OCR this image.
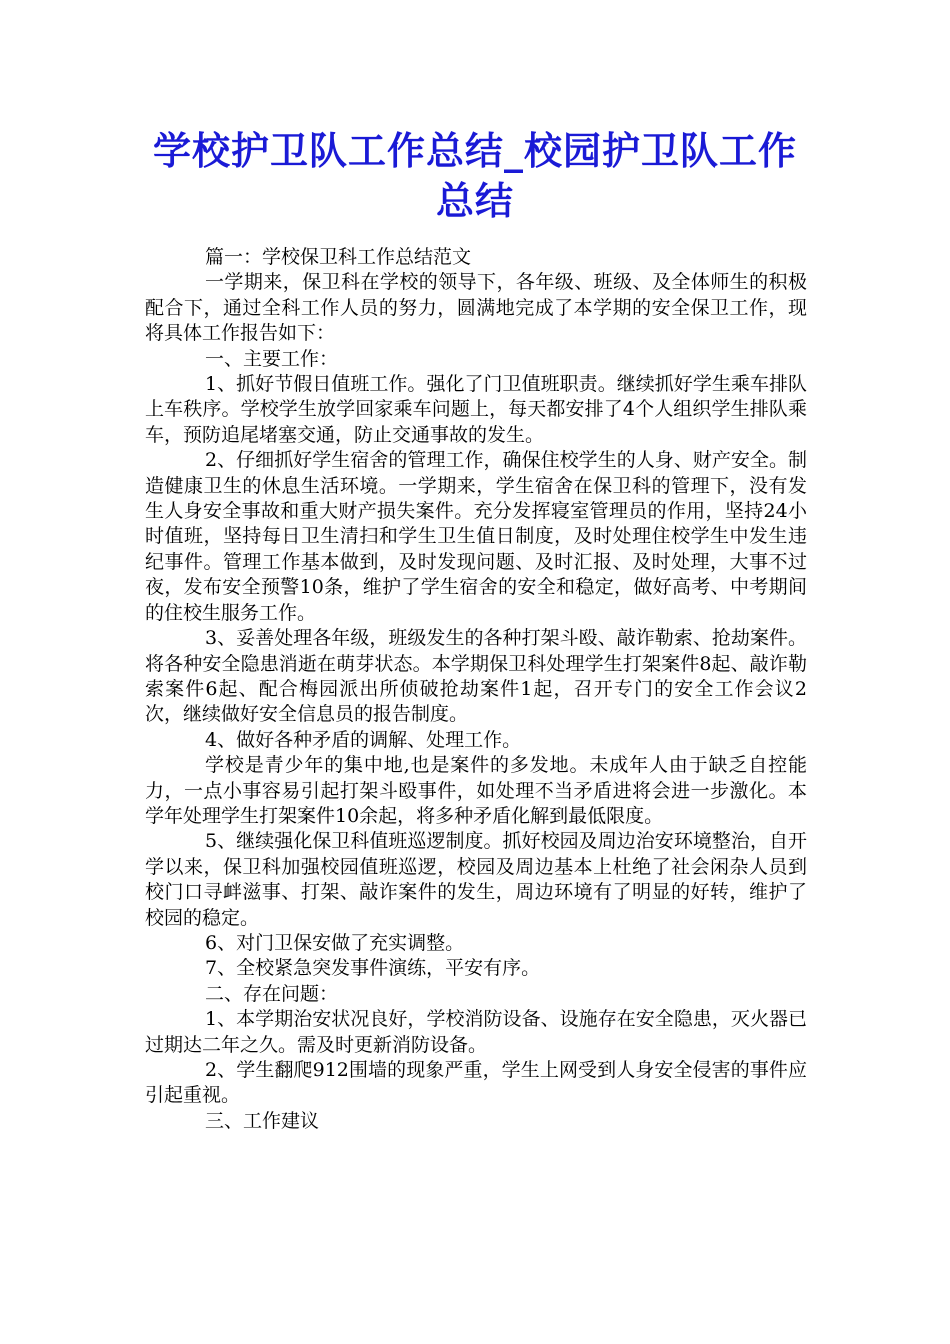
学校护卫队工作总结_校园护卫队工作总结

篇一：学校保卫科工作总结范文

一学期来，保卫科在学校的领导下，各年级、班级、及全体师生的积极配合下，通过全科工作人员的努力，圆满地完成了本学期的安全保卫工作，现将具体工作报告如下：

一、主要工作：

1、抓好节假日值班工作。强化了门卫值班职责。继续抓好学生乘车排队上车秩序。学校学生放学回家乘车问题上，每天都安排了4个人组织学生排队乘车，预防追尾堵塞交通，防止交通事故的发生。

2、仔细抓好学生宿舍的管理工作，确保住校学生的人身、财产安全。制造健康卫生的休息生活环境。一学期来，学生宿舍在保卫科的管理下，没有发生人身安全事故和重大财产损失案件。充分发挥寝室管理员的作用，坚持24小时值班，坚持每日卫生清扫和学生卫生值日制度，及时处理住校学生中发生违纪事件。管理工作基本做到，及时发现问题、及时汇报、及时处理，大事不过夜，发布安全预警10条，维护了学生宿舍的安全和稳定，做好高考、中考期间的住校生服务工作。

3、妥善处理各年级，班级发生的各种打架斗殴、敲诈勒索、抢劫案件。将各种安全隐患消逝在萌芽状态。本学期保卫科处理学生打架案件8起、敲诈勒索案件6起、配合梅园派出所侦破抢劫案件1起，召开专门的安全工作会议2次，继续做好安全信息员的报告制度。

4、做好各种矛盾的调解、处理工作。

学校是青少年的集中地,也是案件的多发地。未成年人由于缺乏自控能力，一点小事容易引起打架斗殴事件，如处理不当矛盾进将会进一步激化。本学年处理学生打架案件10余起，将多种矛盾化解到最低限度。

5、继续强化保卫科值班巡逻制度。抓好校园及周边治安环境整治，自开学以来，保卫科加强校园值班巡逻，校园及周边基本上杜绝了社会闲杂人员到校门口寻衅滋事、打架、敲诈案件的发生，周边环境有了明显的好转，维护了校园的稳定。

6、对门卫保安做了充实调整。

7、全校紧急突发事件演练，平安有序。

二、存在问题：

1、本学期治安状况良好，学校消防设备、设施存在安全隐患，灭火器已过期达二年之久。需及时更新消防设备。

2、学生翻爬912围墙的现象严重，学生上网受到人身安全侵害的事件应引起重视。

三、工作建议
